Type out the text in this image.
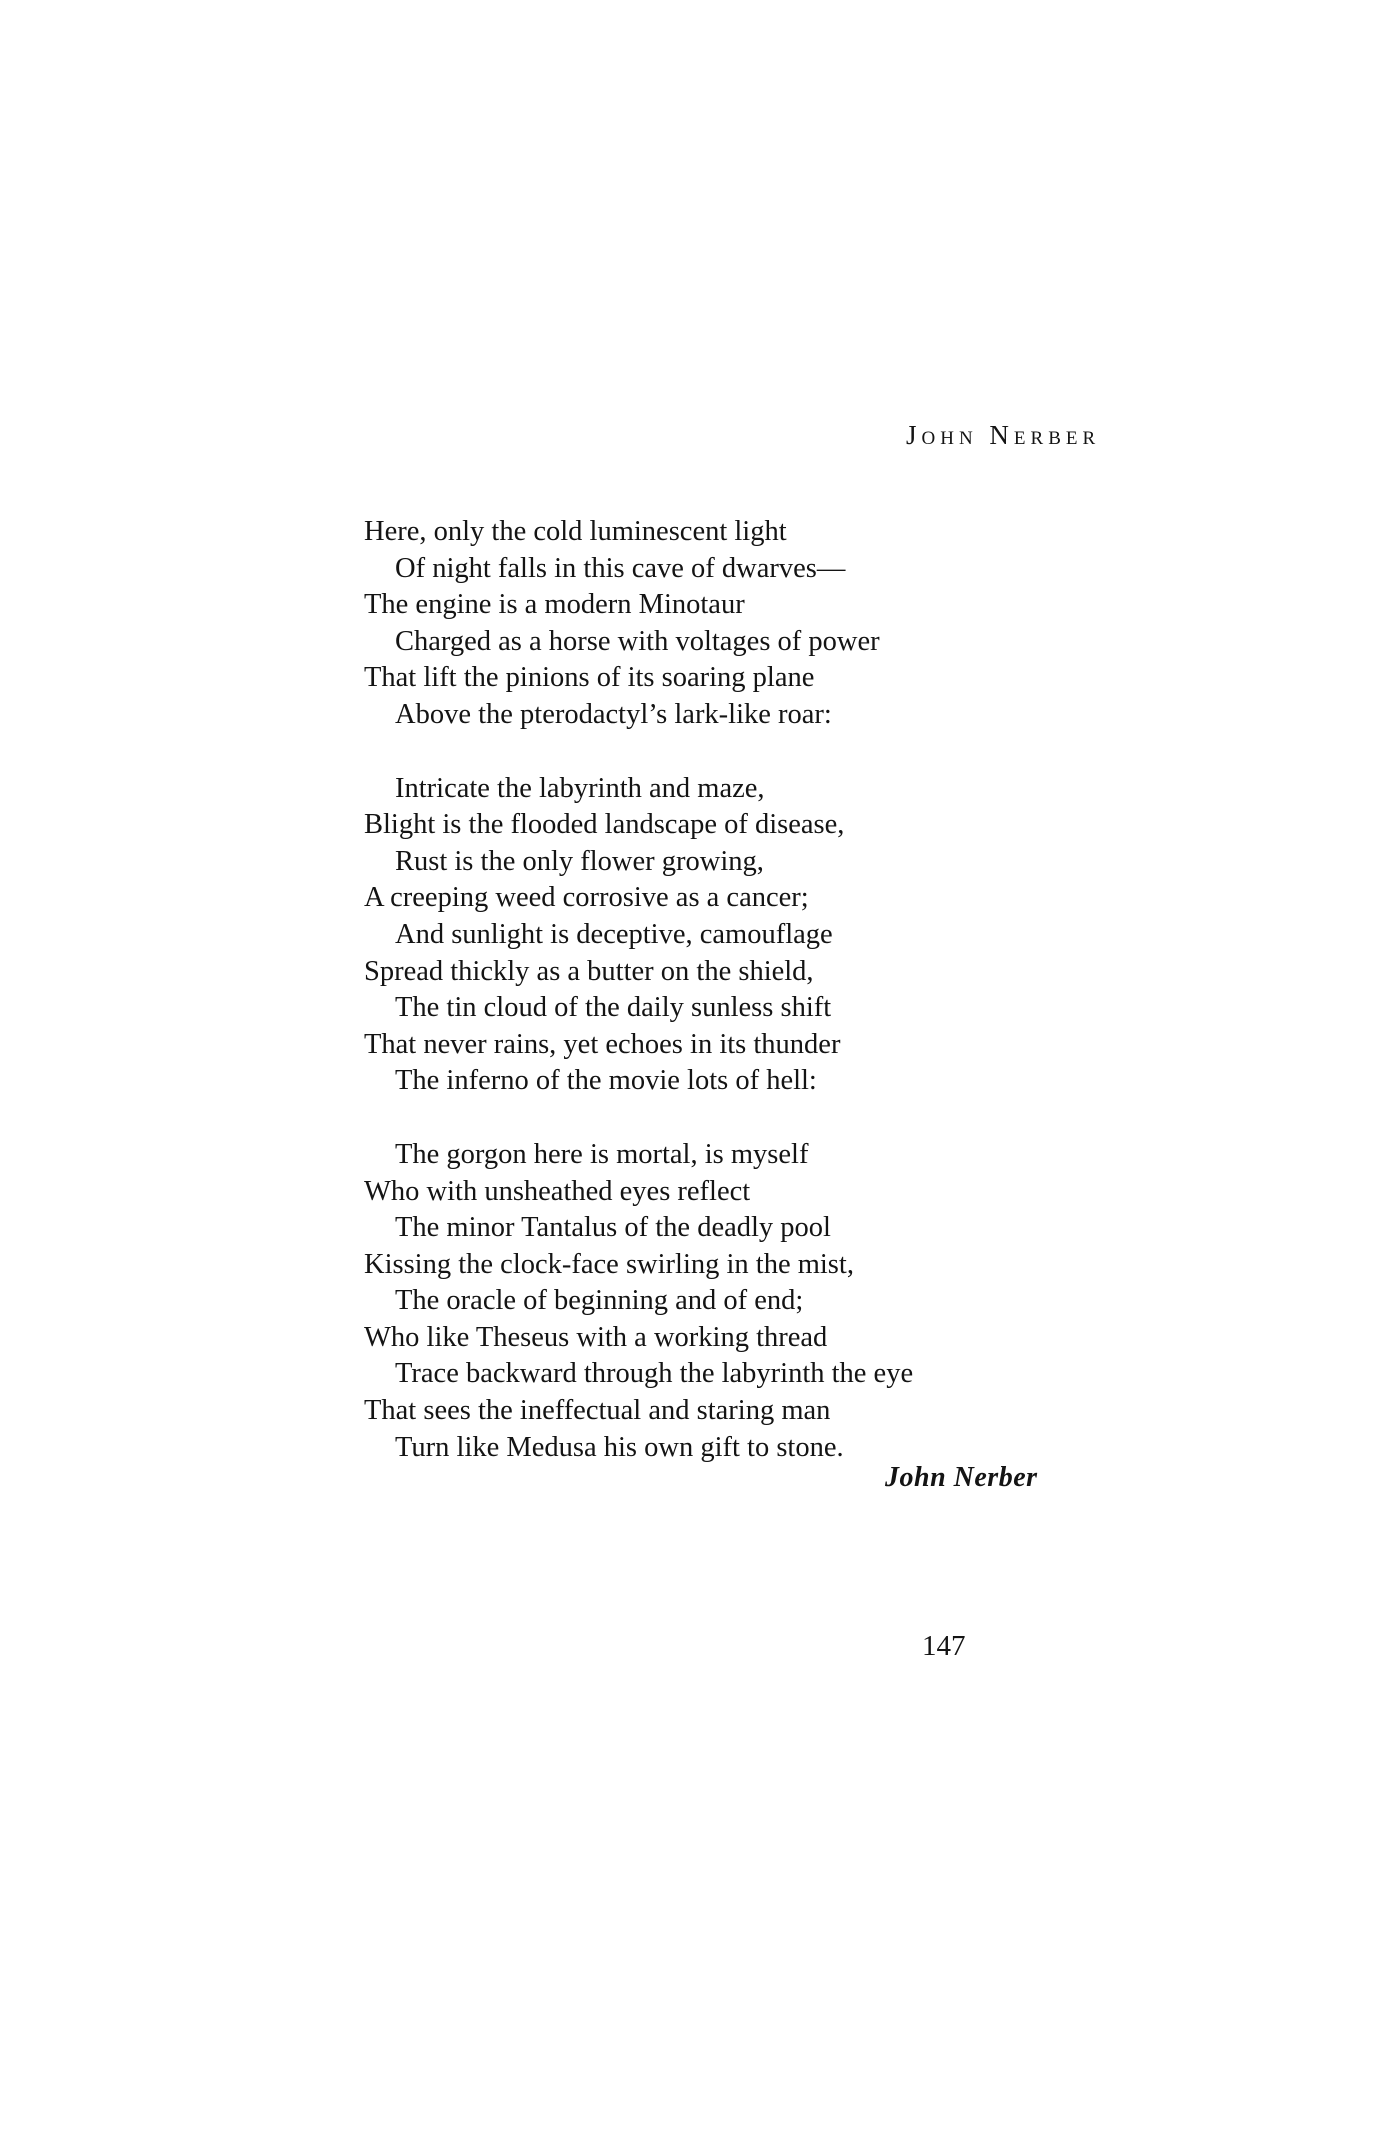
John Nerber
Here, only the cold luminescent light
Of night falls in this cave of dwarves—
The engine is a modern Minotaur
Charged as a horse with voltages of power
That lift the pinions of its soaring plane
Above the pterodactyl’s lark-like roar:
Intricate the labyrinth and maze,
Blight is the flooded landscape of disease,
Rust is the only flower growing,
A creeping weed corrosive as a cancer;
And sunlight is deceptive, camouflage
Spread thickly as a butter on the shield,
The tin cloud of the daily sunless shift
That never rains, yet echoes in its thunder
The inferno of the movie lots of hell:
The gorgon here is mortal, is myself
Who with unsheathed eyes reflect
The minor Tantalus of the deadly pool
Kissing the clock-face swirling in the mist,
The oracle of beginning and of end;
Who like Theseus with a working thread
Trace backward through the labyrinth the eye
That sees the ineffectual and staring man
Turn like Medusa his own gift to stone.
John Nerber
147
